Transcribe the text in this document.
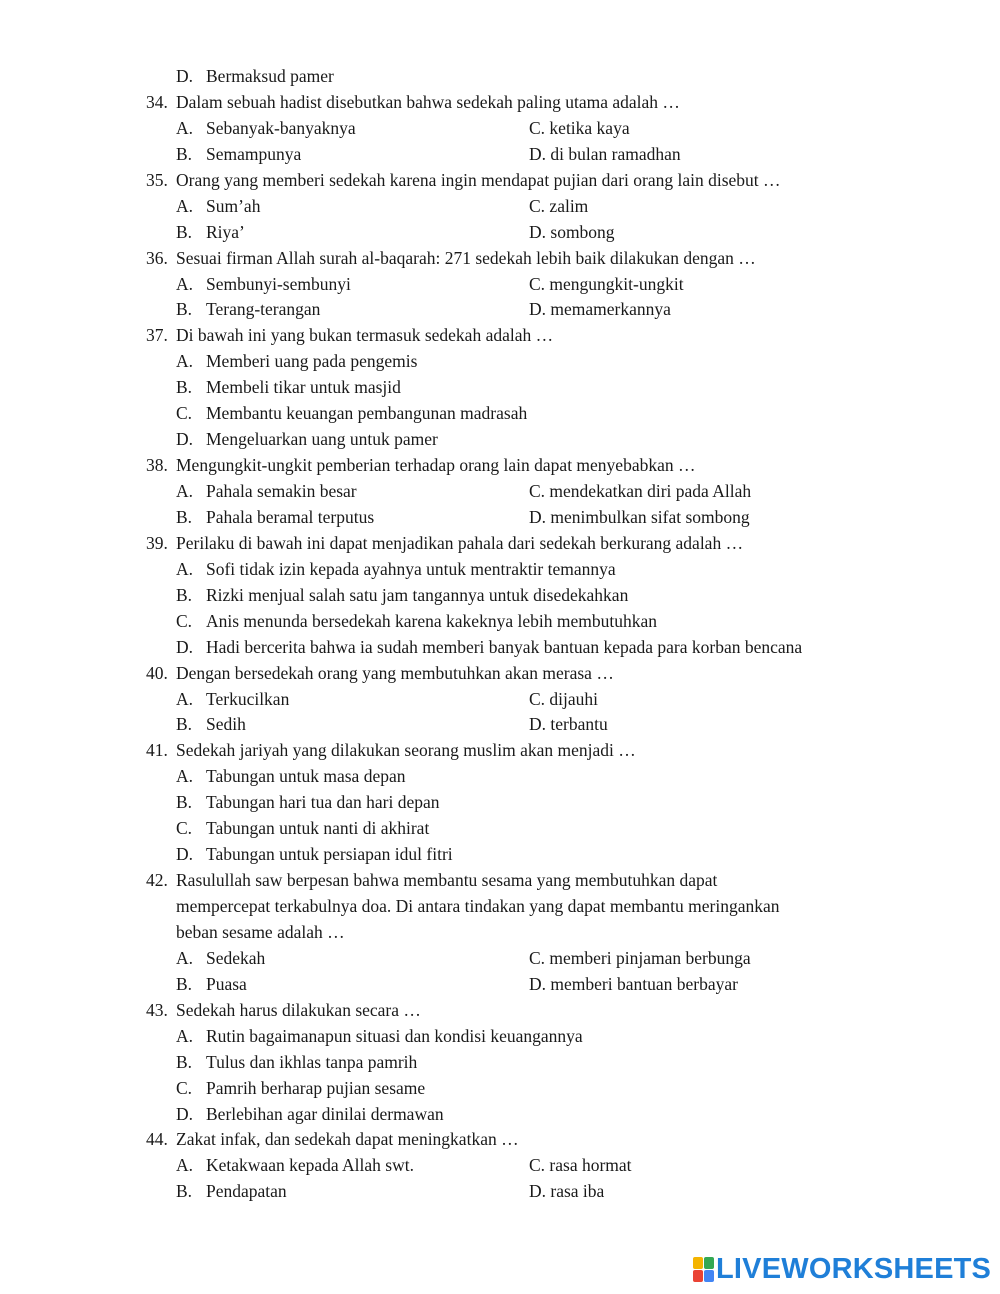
D. Bermaksud pamer
34. Dalam sebuah hadist disebutkan bahwa sedekah paling utama adalah …
A. Sebanyak-banyaknya	C. ketika kaya
B. Semampunya	D. di bulan ramadhan
35. Orang yang memberi sedekah karena ingin mendapat pujian dari orang lain disebut …
A. Sum’ah	C. zalim
B. Riya’	D. sombong
36. Sesuai firman Allah surah al-baqarah: 271 sedekah lebih baik dilakukan dengan …
A. Sembunyi-sembunyi	C. mengungkit-ungkit
B. Terang-terangan	D. memamerkannya
37. Di bawah ini yang bukan termasuk sedekah adalah …
A. Memberi uang pada pengemis
B. Membeli tikar untuk masjid
C. Membantu keuangan pembangunan madrasah
D. Mengeluarkan uang untuk pamer
38. Mengungkit-ungkit pemberian terhadap orang lain dapat menyebabkan …
A. Pahala semakin besar	C. mendekatkan diri pada Allah
B. Pahala beramal terputus	D. menimbulkan sifat sombong
39. Perilaku di bawah ini dapat menjadikan pahala dari sedekah berkurang adalah …
A. Sofi tidak izin kepada ayahnya untuk mentraktir temannya
B. Rizki menjual salah satu jam tangannya untuk disedekahkan
C. Anis menunda bersedekah karena kakeknya lebih membutuhkan
D. Hadi bercerita bahwa ia sudah memberi banyak bantuan kepada para korban bencana
40. Dengan bersedekah orang yang membutuhkan akan merasa …
A. Terkucilkan	C. dijauhi
B. Sedih	D. terbantu
41. Sedekah jariyah yang dilakukan seorang muslim akan menjadi …
A. Tabungan untuk masa depan
B. Tabungan hari tua dan hari depan
C. Tabungan untuk nanti di akhirat
D. Tabungan untuk persiapan idul fitri
42. Rasulullah saw berpesan bahwa membantu sesama yang membutuhkan dapat
mempercepat terkabulnya doa. Di antara tindakan yang dapat membantu meringankan
beban sesame adalah …
A. Sedekah	C. memberi pinjaman berbunga
B. Puasa	D. memberi bantuan berbayar
43. Sedekah harus dilakukan secara …
A. Rutin bagaimanapun situasi dan kondisi keuangannya
B. Tulus dan ikhlas tanpa pamrih
C. Pamrih berharap pujian sesame
D. Berlebihan agar dinilai dermawan
44. Zakat infak, dan sedekah dapat meningkatkan …
A. Ketakwaan kepada Allah swt.	C. rasa hormat
B. Pendapatan	D. rasa iba
LIVEWORKSHEETS
